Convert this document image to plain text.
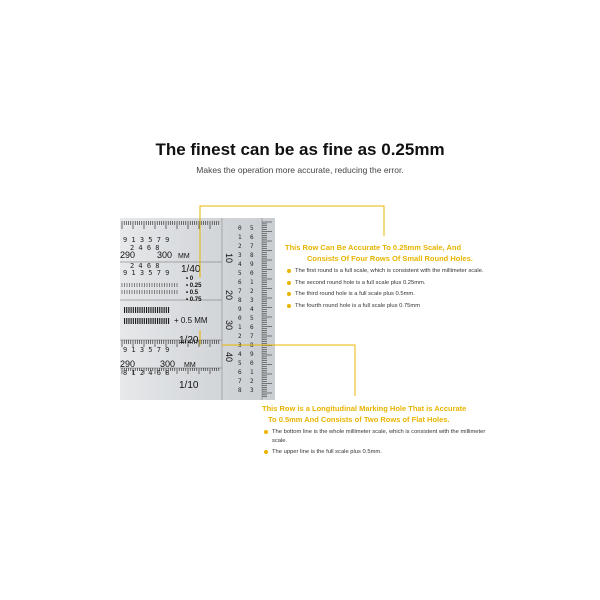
The finest can be as fine as 0.25mm
Makes the operation more accurate, reducing the error.
0 5
1 6
2 7
3 8
4 9
5 0
6 1
7 2
8 3
9 4
0 5
1 6
2 7
3 8
4 9
5 0
6 1
7 2
8 3
9 1 3 5 7 9
2 4 6 8
9 1 3 5 7 9
2 4 6 8
9 1 3 5 7 9
8 1 2 4 6 8
290 300 MM
290	300 MM
1/40
1/20
1/10
• 0
• 0.25
• 0.5
• 0.75
+ 0.5 MM
10
20
30
40
This Row Can Be Accurate To 0.25mm Scale, And
Consists Of Four Rows Of Small Round Holes.
The first round is a full scale, which is consistent with the millimeter scale.
The second round hole is a full scale plus 0.25mm.
The third round hole is a full scale plus 0.5mm.
The fourth round hole is a full scale plus 0.75mm
This Row is a Longitudinal Marking Hole That is Accurate
To 0.5mm And Consists of Two Rows of Flat Holes.
The bottom line is the whole millimeter scale, which is consistent with the millimeter scale.
The upper line is the full scale plus 0.5mm.
